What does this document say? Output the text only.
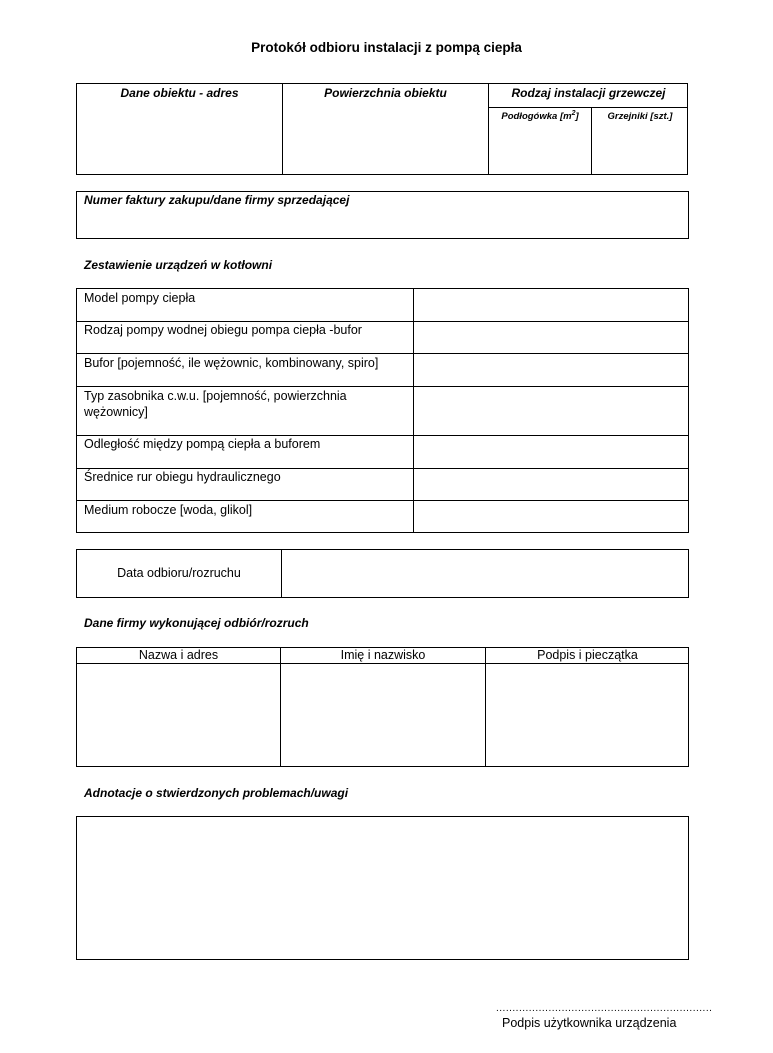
Protokół odbioru instalacji z pompą ciepła
Dane obiektu - adres	Powierzchnia obiektu	Rodzaj instalacji grzewczej
Podłogówka $[m^2]$	Grzejniki [szt.]
Numer faktury zakupu/dane firmy sprzedającej
Zestawienie urządzeń w kotłowni
Model pompy ciepła
Rodzaj pompy wodnej obiegu pompa ciepła -bufor
Bufor [pojemność, ile wężownic, kombinowany, spiro]
Typ zasobnika c.w.u. [pojemność, powierzchnia wężownicy]
Odległość między pompą ciepła a buforem
Średnice rur obiegu hydraulicznego
Medium robocze [woda, glikol]
Data odbioru/rozruchu
Dane firmy wykonującej odbiór/rozruch
Nazwa i adres	Imię i nazwisko	Podpis i pieczątka
Adnotacje o stwierdzonych problemach/uwagi
..................................................................
Podpis użytkownika urządzenia
